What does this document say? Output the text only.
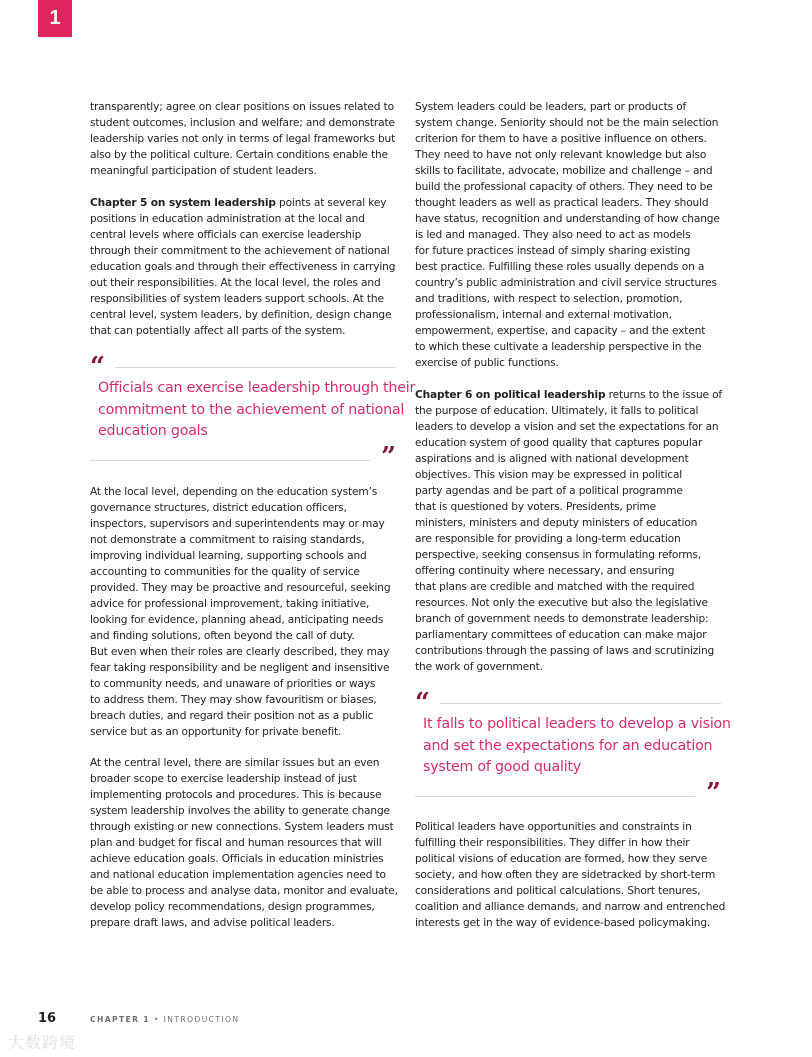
1
transparently; agree on clear positions on issues related to
student outcomes, inclusion and welfare; and demonstrate
leadership varies not only in terms of legal frameworks but
also by the political culture. Certain conditions enable the
meaningful participation of student leaders.
Chapter 5 on system leadership points at several key
positions in education administration at the local and
central levels where officials can exercise leadership
through their commitment to the achievement of national
education goals and through their effectiveness in carrying
out their responsibilities. At the local level, the roles and
responsibilities of system leaders support schools. At the
central level, system leaders, by definition, design change
that can potentially affect all parts of the system.
“
Officials can exercise leadership through their
commitment to the achievement of national
education goals
”
At the local level, depending on the education system’s
governance structures, district education officers,
inspectors, supervisors and superintendents may or may
not demonstrate a commitment to raising standards,
improving individual learning, supporting schools and
accounting to communities for the quality of service
provided. They may be proactive and resourceful, seeking
advice for professional improvement, taking initiative,
looking for evidence, planning ahead, anticipating needs
and finding solutions, often beyond the call of duty.
But even when their roles are clearly described, they may
fear taking responsibility and be negligent and insensitive
to community needs, and unaware of priorities or ways
to address them. They may show favouritism or biases,
breach duties, and regard their position not as a public
service but as an opportunity for private benefit.
At the central level, there are similar issues but an even
broader scope to exercise leadership instead of just
implementing protocols and procedures. This is because
system leadership involves the ability to generate change
through existing or new connections. System leaders must
plan and budget for fiscal and human resources that will
achieve education goals. Officials in education ministries
and national education implementation agencies need to
be able to process and analyse data, monitor and evaluate,
develop policy recommendations, design programmes,
prepare draft laws, and advise political leaders.
System leaders could be leaders, part or products of
system change. Seniority should not be the main selection
criterion for them to have a positive influence on others.
They need to have not only relevant knowledge but also
skills to facilitate, advocate, mobilize and challenge – and
build the professional capacity of others. They need to be
thought leaders as well as practical leaders. They should
have status, recognition and understanding of how change
is led and managed. They also need to act as models
for future practices instead of simply sharing existing
best practice. Fulfilling these roles usually depends on a
country’s public administration and civil service structures
and traditions, with respect to selection, promotion,
professionalism, internal and external motivation,
empowerment, expertise, and capacity – and the extent
to which these cultivate a leadership perspective in the
exercise of public functions.
Chapter 6 on political leadership returns to the issue of
the purpose of education. Ultimately, it falls to political
leaders to develop a vision and set the expectations for an
education system of good quality that captures popular
aspirations and is aligned with national development
objectives. This vision may be expressed in political
party agendas and be part of a political programme
that is questioned by voters. Presidents, prime
ministers, ministers and deputy ministers of education
are responsible for providing a long-term education
perspective, seeking consensus in formulating reforms,
offering continuity where necessary, and ensuring
that plans are credible and matched with the required
resources. Not only the executive but also the legislative
branch of government needs to demonstrate leadership:
parliamentary committees of education can make major
contributions through the passing of laws and scrutinizing
the work of government.
“
It falls to political leaders to develop a vision
and set the expectations for an education
system of good quality
”
Political leaders have opportunities and constraints in
fulfilling their responsibilities. They differ in how their
political visions of education are formed, how they serve
society, and how often they are sidetracked by short-term
considerations and political calculations. Short tenures,
coalition and alliance demands, and narrow and entrenched
interests get in the way of evidence-based policymaking.
16	CHAPTER 1 • INTRODUCTION
大数跨境
